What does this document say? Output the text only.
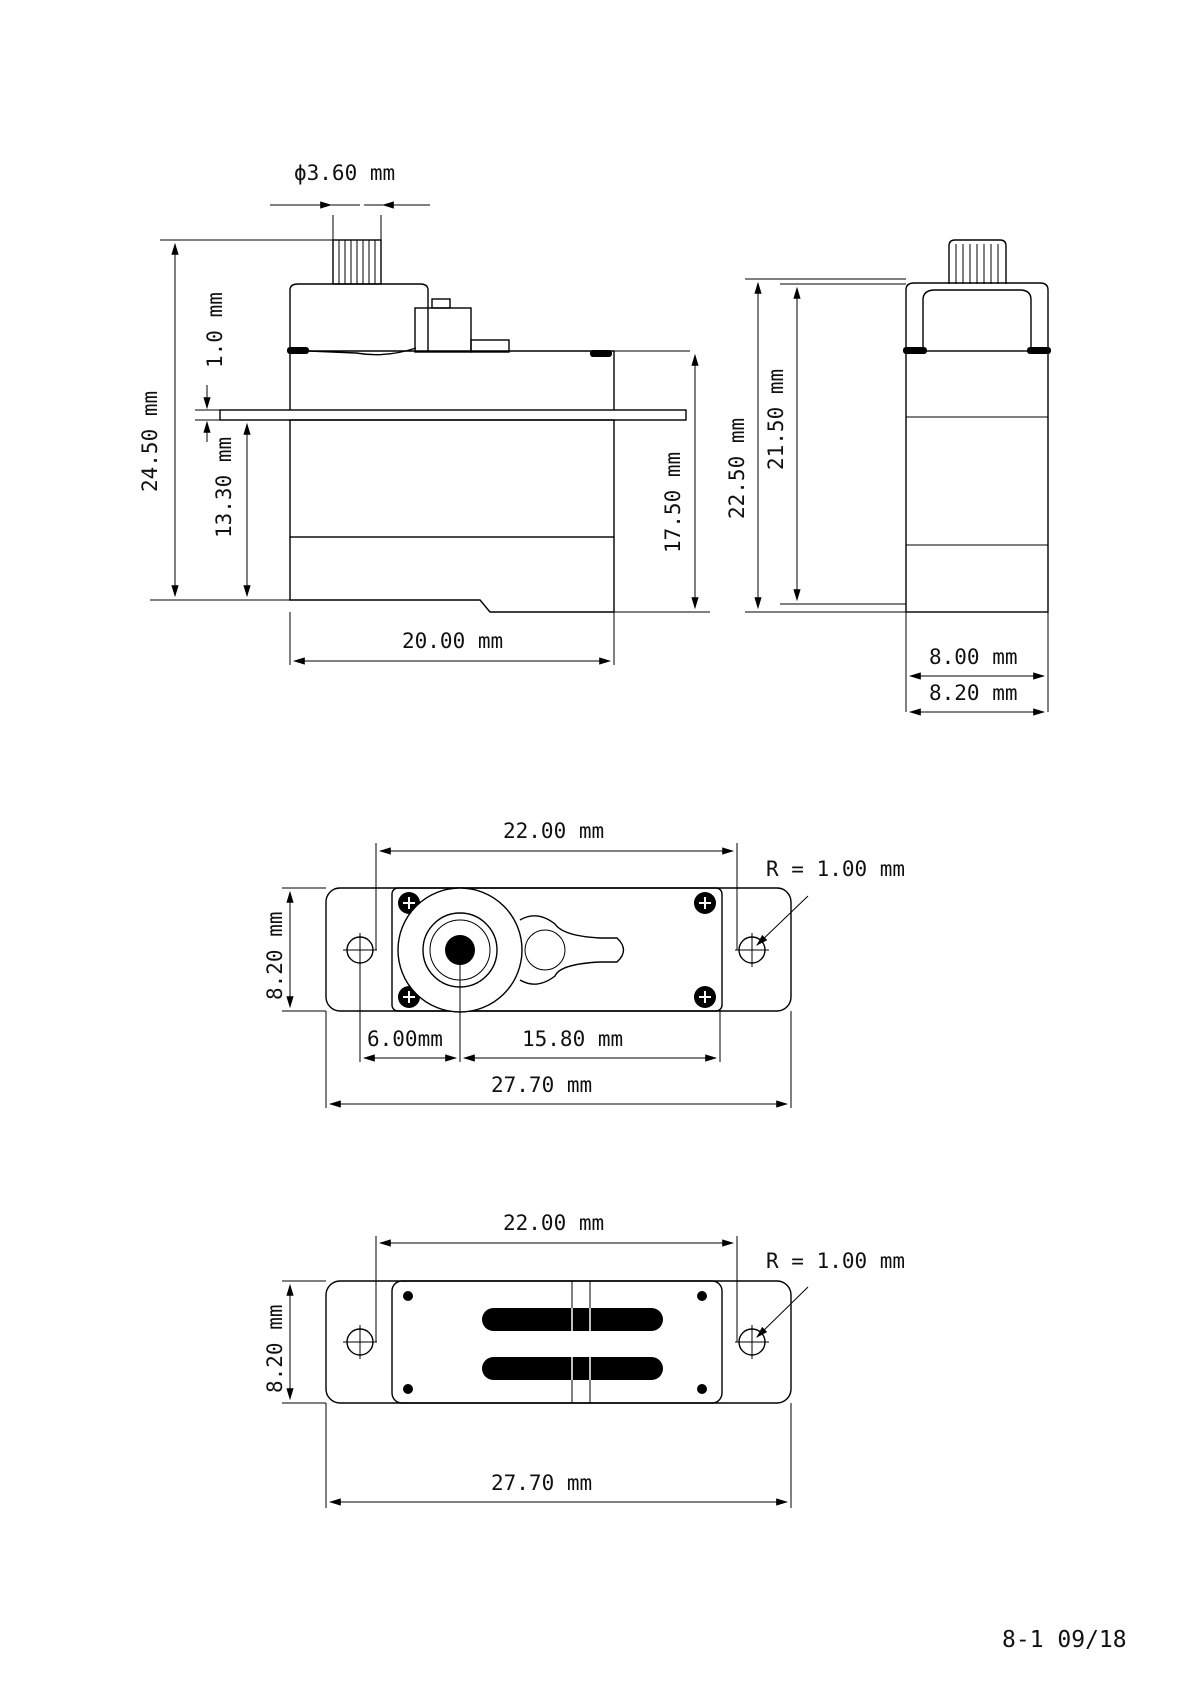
ϕ3.60 mm
24.50 mm
1.0 mm
13.30 mm	17.50 mm
20.00 mm
22.50 mm 21.50 mm
8.00 mm
8.20 mm
22.00 mm
R = 1.00 mm
8.20 mm
6.00mm	15.80 mm
27.70 mm
22.00 mm
R = 1.00 mm
8.20 mm
27.70 mm
8-1 09/18
